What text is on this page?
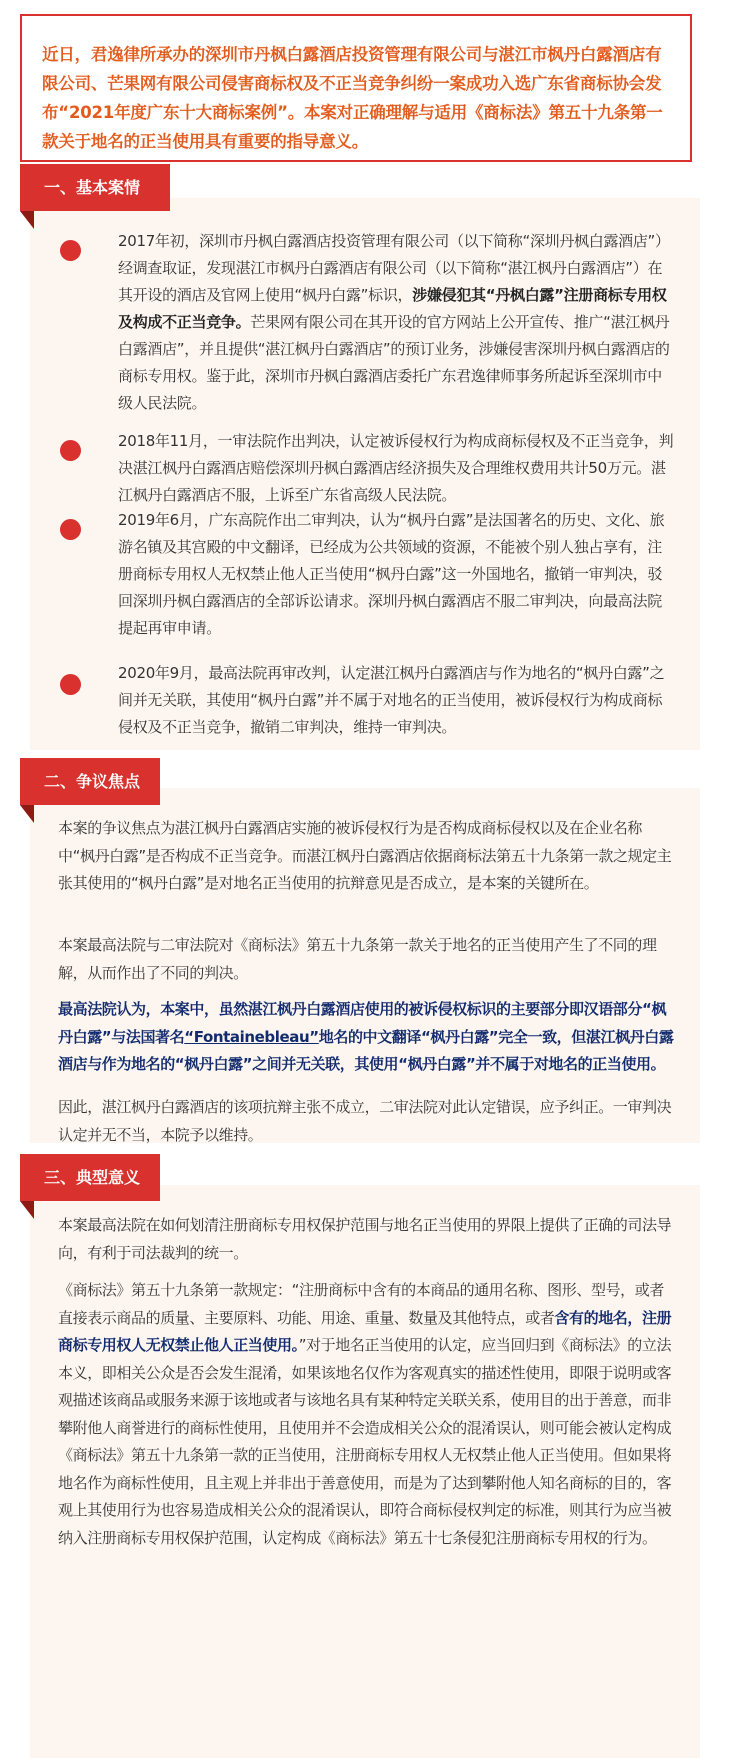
近日，君逸律所承办的深圳市丹枫白露酒店投资管理有限公司与湛江市枫丹白露酒店有限公司、芒果网有限公司侵害商标权及不正当竞争纠纷一案成功入选广东省商标协会发布“2021年度广东十大商标案例”。本案对正确理解与适用《商标法》第五十九条第一款关于地名的正当使用具有重要的指导意义。
一、基本案情
2017年初，深圳市丹枫白露酒店投资管理有限公司（以下简称“深圳丹枫白露酒店”）经调查取证，发现湛江市枫丹白露酒店有限公司（以下简称“湛江枫丹白露酒店”）在其开设的酒店及官网上使用“枫丹白露”标识，涉嫌侵犯其“丹枫白露”注册商标专用权及构成不正当竞争。芒果网有限公司在其开设的官方网站上公开宣传、推广“湛江枫丹白露酒店”，并且提供“湛江枫丹白露酒店”的预订业务，涉嫌侵害深圳丹枫白露酒店的商标专用权。鉴于此，深圳市丹枫白露酒店委托广东君逸律师事务所起诉至深圳市中级人民法院。
2018年11月，一审法院作出判决，认定被诉侵权行为构成商标侵权及不正当竞争，判决湛江枫丹白露酒店赔偿深圳丹枫白露酒店经济损失及合理维权费用共计50万元。湛江枫丹白露酒店不服，上诉至广东省高级人民法院。
2019年6月，广东高院作出二审判决，认为“枫丹白露”是法国著名的历史、文化、旅游名镇及其宫殿的中文翻译，已经成为公共领域的资源，不能被个别人独占享有，注册商标专用权人无权禁止他人正当使用“枫丹白露”这一外国地名，撤销一审判决，驳回深圳丹枫白露酒店的全部诉讼请求。深圳丹枫白露酒店不服二审判决，向最高法院提起再审申请。
2020年9月，最高法院再审改判，认定湛江枫丹白露酒店与作为地名的“枫丹白露”之间并无关联，其使用“枫丹白露”并不属于对地名的正当使用，被诉侵权行为构成商标侵权及不正当竞争，撤销二审判决，维持一审判决。
二、争议焦点
本案的争议焦点为湛江枫丹白露酒店实施的被诉侵权行为是否构成商标侵权以及在企业名称中“枫丹白露”是否构成不正当竞争。而湛江枫丹白露酒店依据商标法第五十九条第一款之规定主张其使用的“枫丹白露”是对地名正当使用的抗辩意见是否成立，是本案的关键所在。
本案最高法院与二审法院对《商标法》第五十九条第一款关于地名的正当使用产生了不同的理解，从而作出了不同的判决。
最高法院认为，本案中，虽然湛江枫丹白露酒店使用的被诉侵权标识的主要部分即汉语部分“枫丹白露”与法国著名“Fontainebleau”地名的中文翻译“枫丹白露”完全一致，但湛江枫丹白露酒店与作为地名的“枫丹白露”之间并无关联，其使用“枫丹白露”并不属于对地名的正当使用。
因此，湛江枫丹白露酒店的该项抗辩主张不成立，二审法院对此认定错误，应予纠正。一审判决认定并无不当，本院予以维持。
三、典型意义
本案最高法院在如何划清注册商标专用权保护范围与地名正当使用的界限上提供了正确的司法导向，有利于司法裁判的统一。
《商标法》第五十九条第一款规定：“注册商标中含有的本商品的通用名称、图形、型号，或者直接表示商品的质量、主要原料、功能、用途、重量、数量及其他特点，或者含有的地名，注册商标专用权人无权禁止他人正当使用。”对于地名正当使用的认定，应当回归到《商标法》的立法本义，即相关公众是否会发生混淆，如果该地名仅作为客观真实的描述性使用，即限于说明或客观描述该商品或服务来源于该地或者与该地名具有某种特定关联关系，使用目的出于善意，而非攀附他人商誉进行的商标性使用，且使用并不会造成相关公众的混淆误认，则可能会被认定构成《商标法》第五十九条第一款的正当使用，注册商标专用权人无权禁止他人正当使用。但如果将地名作为商标性使用，且主观上并非出于善意使用，而是为了达到攀附他人知名商标的目的，客观上其使用行为也容易造成相关公众的混淆误认，即符合商标侵权判定的标准，则其行为应当被纳入注册商标专用权保护范围，认定构成《商标法》第五十七条侵犯注册商标专用权的行为。
